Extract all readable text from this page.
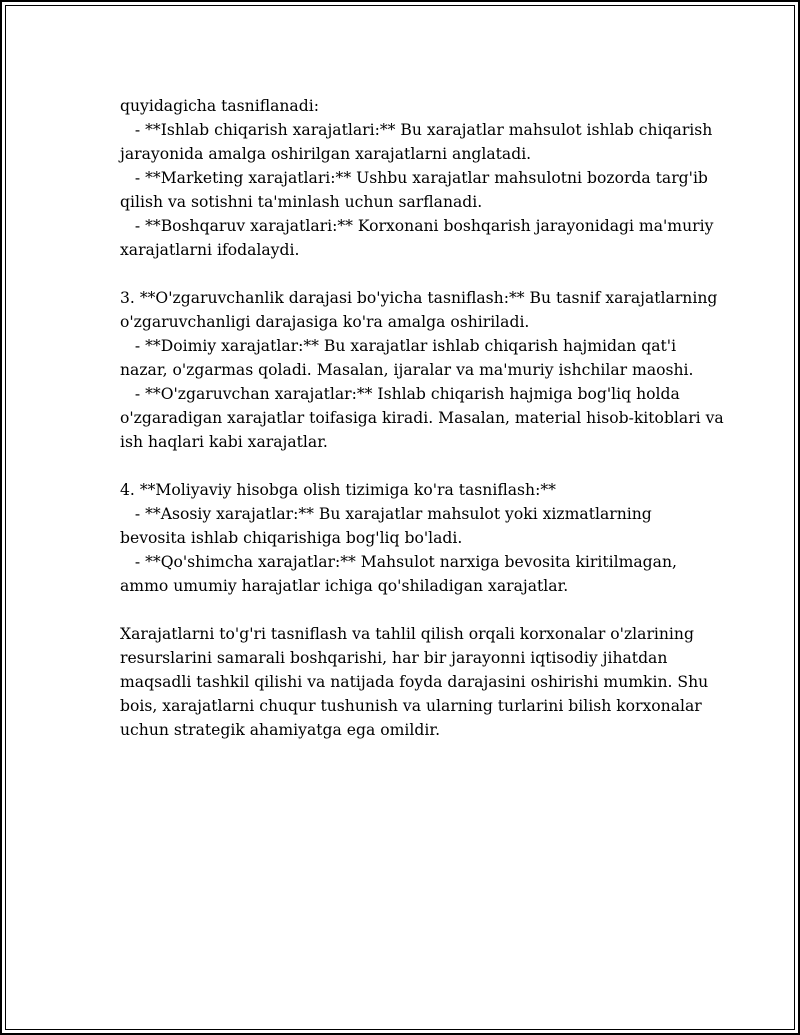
quyidagicha tasniflanadi:
- **Ishlab chiqarish xarajatlari:** Bu xarajatlar mahsulot ishlab chiqarish
jarayonida amalga oshirilgan xarajatlarni anglatadi.
- **Marketing xarajatlari:** Ushbu xarajatlar mahsulotni bozorda targ'ib
qilish va sotishni ta'minlash uchun sarflanadi.
- **Boshqaruv xarajatlari:** Korxonani boshqarish jarayonidagi ma'muriy
xarajatlarni ifodalaydi.
3. **O'zgaruvchanlik darajasi bo'yicha tasniflash:** Bu tasnif xarajatlarning
o'zgaruvchanligi darajasiga ko'ra amalga oshiriladi.
- **Doimiy xarajatlar:** Bu xarajatlar ishlab chiqarish hajmidan qat'i
nazar, o'zgarmas qoladi. Masalan, ijaralar va ma'muriy ishchilar maoshi.
- **O'zgaruvchan xarajatlar:** Ishlab chiqarish hajmiga bog'liq holda
o'zgaradigan xarajatlar toifasiga kiradi. Masalan, material hisob-kitoblari va
ish haqlari kabi xarajatlar.
4. **Moliyaviy hisobga olish tizimiga ko'ra tasniflash:**
- **Asosiy xarajatlar:** Bu xarajatlar mahsulot yoki xizmatlarning
bevosita ishlab chiqarishiga bog'liq bo'ladi.
- **Qo'shimcha xarajatlar:** Mahsulot narxiga bevosita kiritilmagan,
ammo umumiy harajatlar ichiga qo'shiladigan xarajatlar.
Xarajatlarni to'g'ri tasniflash va tahlil qilish orqali korxonalar o'zlarining
resurslarini samarali boshqarishi, har bir jarayonni iqtisodiy jihatdan
maqsadli tashkil qilishi va natijada foyda darajasini oshirishi mumkin. Shu
bois, xarajatlarni chuqur tushunish va ularning turlarini bilish korxonalar
uchun strategik ahamiyatga ega omildir.
